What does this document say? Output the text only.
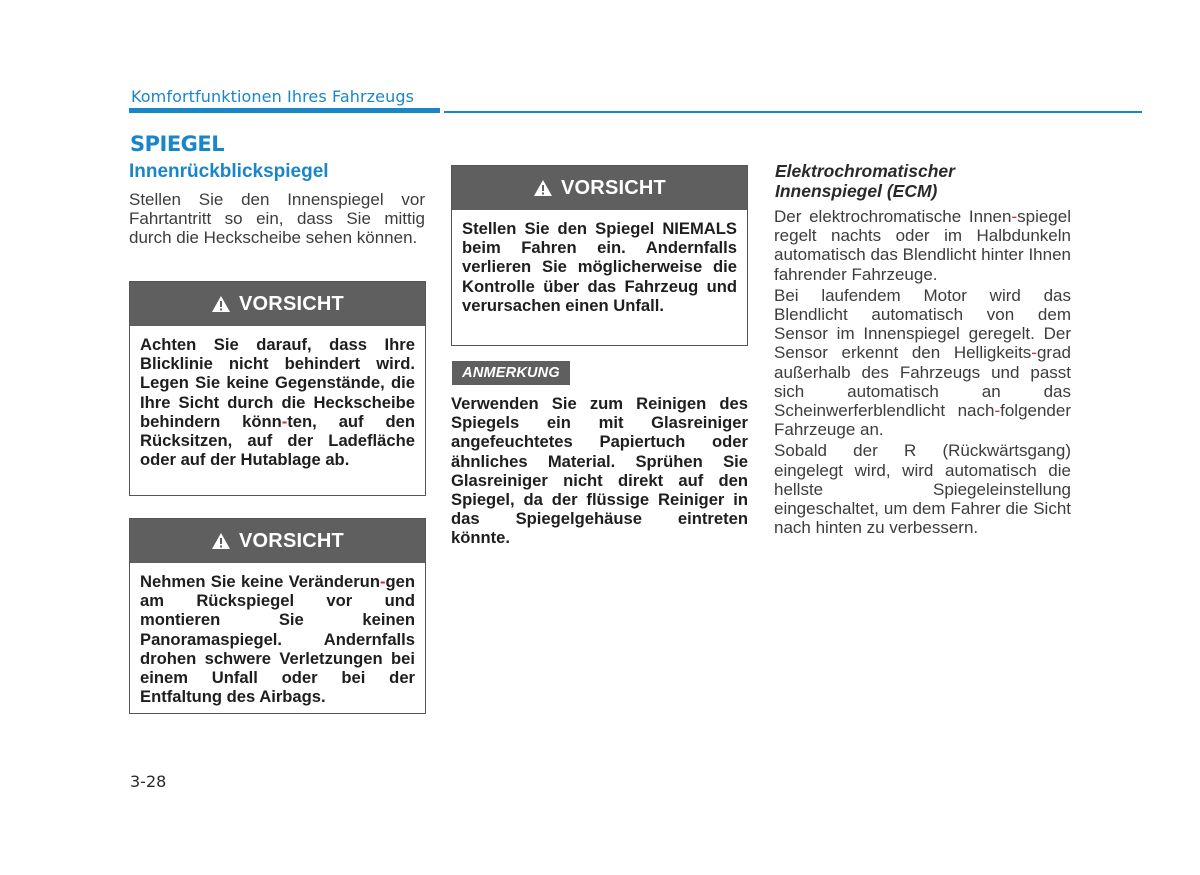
Komfortfunktionen Ihres Fahrzeugs
SPIEGEL
Innenrückblickspiegel

Stellen Sie den Innenspiegel vor Fahrtantritt so ein, dass Sie mittig durch die Heckscheibe sehen können.

VORSICHT
Achten Sie darauf, dass Ihre Blicklinie nicht behindert wird. Legen Sie keine Gegenstände, die Ihre Sicht durch die Heckscheibe behindern könn-ten, auf den Rücksitzen, auf der Ladefläche oder auf der Hutablage ab.
VORSICHT
Nehmen Sie keine Veränderun-gen am Rückspiegel vor und montieren Sie keinen Panoramaspiegel. Andernfalls drohen schwere Verletzungen bei einem Unfall oder bei der Entfaltung des Airbags.
VORSICHT
Stellen Sie den Spiegel NIEMALS beim Fahren ein. Andernfalls verlieren Sie möglicherweise die Kontrolle über das Fahrzeug und verursachen einen Unfall.
ANMERKUNG

Verwenden Sie zum Reinigen des Spiegels ein mit Glasreiniger angefeuchtetes Papiertuch oder ähnliches Material. Sprühen Sie Glasreiniger nicht direkt auf den Spiegel, da der flüssige Reiniger in das Spiegelgehäuse eintreten könnte.

Elektrochromatischer
Innenspiegel (ECM)

Der elektrochromatische Innen-spiegel regelt nachts oder im Halbdunkeln automatisch das Blendlicht hinter Ihnen fahrender Fahrzeuge.

Bei laufendem Motor wird das Blendlicht automatisch von dem Sensor im Innenspiegel geregelt. Der Sensor erkennt den Helligkeits-grad außerhalb des Fahrzeugs und passt sich automatisch an das Scheinwerferblendlicht nach-folgender Fahrzeuge an.

Sobald der R (Rückwärtsgang) eingelegt wird, wird automatisch die hellste Spiegeleinstellung eingeschaltet, um dem Fahrer die Sicht nach hinten zu verbessern.

3-28
